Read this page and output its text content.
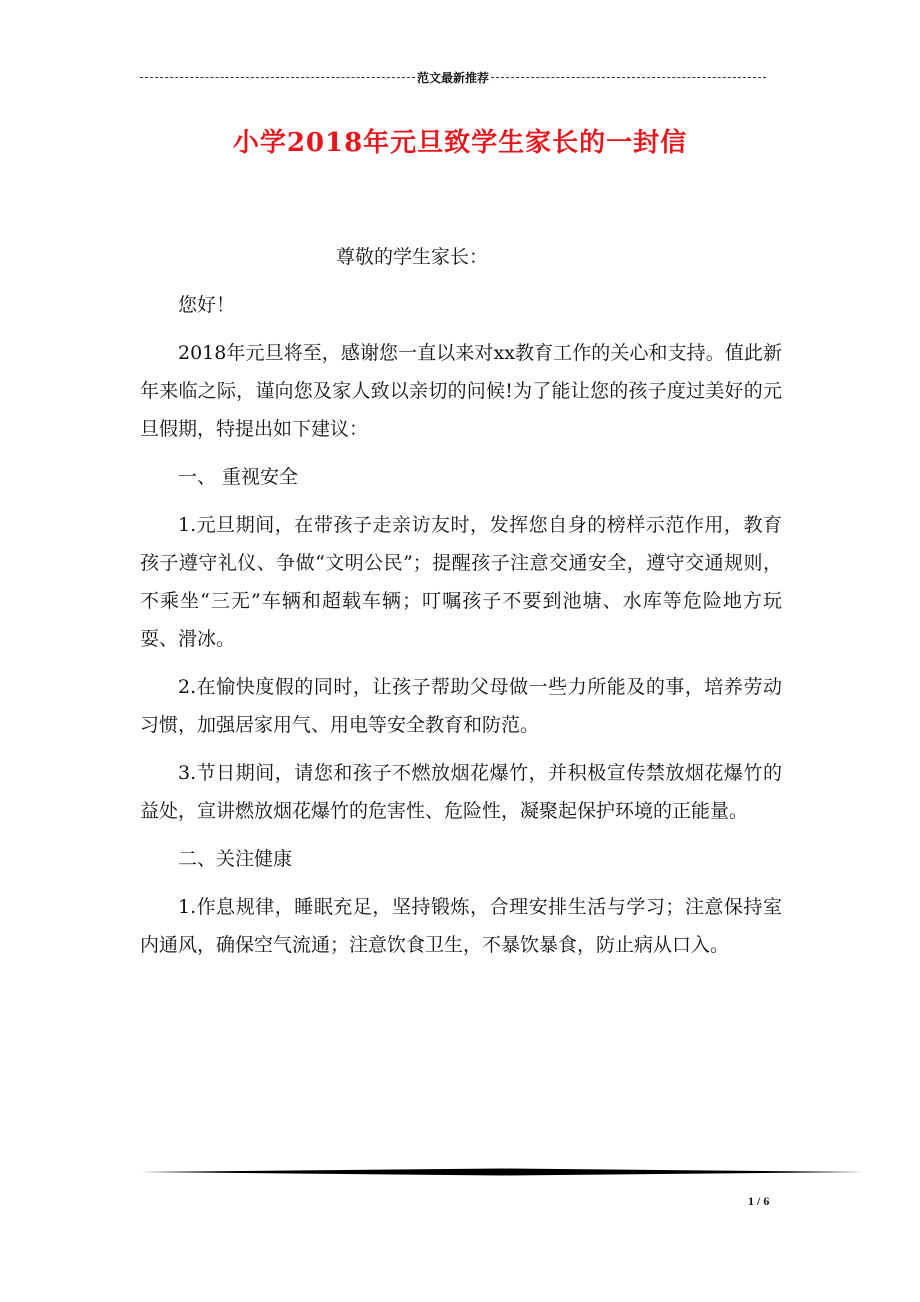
范文最新推荐
小学2018年元旦致学生家长的一封信

尊敬的学生家长：

您好！

2018年元旦将至，感谢您一直以来对xx教育工作的关心和支持。值此新年来临之际，谨向您及家人致以亲切的问候!为了能让您的孩子度过美好的元旦假期，特提出如下建议：

一、 重视安全

1.元旦期间，在带孩子走亲访友时，发挥您自身的榜样示范作用，教育孩子遵守礼仪、争做“文明公民”；提醒孩子注意交通安全，遵守交通规则，不乘坐“三无”车辆和超载车辆；叮嘱孩子不要到池塘、水库等危险地方玩耍、滑冰。

2.在愉快度假的同时，让孩子帮助父母做一些力所能及的事，培养劳动习惯，加强居家用气、用电等安全教育和防范。

3.节日期间，请您和孩子不燃放烟花爆竹，并积极宣传禁放烟花爆竹的益处，宣讲燃放烟花爆竹的危害性、危险性，凝聚起保护环境的正能量。

二、关注健康

1.作息规律，睡眠充足，坚持锻炼，合理安排生活与学习；注意保持室内通风，确保空气流通；注意饮食卫生，不暴饮暴食，防止病从口入。

1 / 6
